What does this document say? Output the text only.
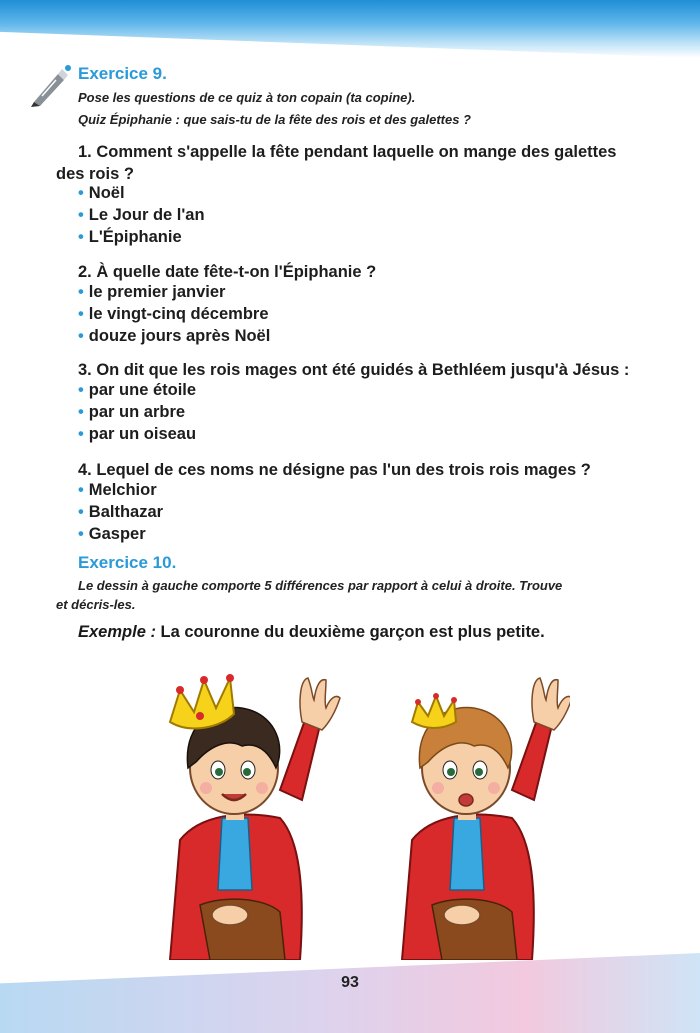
Exercice 9.
Pose les questions de ce quiz à ton copain (ta copine).
Quiz Épiphanie : que sais-tu de la fête des rois et des galettes ?
1. Comment s'appelle la fête pendant laquelle on mange des galettes
des rois ?
• Noël
• Le Jour de l'an
• L'Épiphanie
2. À quelle date fête-t-on l'Épiphanie ?
• le premier janvier
• le vingt-cinq décembre
• douze jours après Noël
3. On dit que les rois mages ont été guidés à Bethléem jusqu'à Jésus :
• par une étoile
• par un arbre
• par un oiseau
4. Lequel de ces noms ne désigne pas l'un des trois rois mages ?
• Melchior
• Balthazar
• Gasper
Exercice 10.
Le dessin à gauche comporte 5 différences par rapport à celui à droite. Trouve
et décris-les.
Exemple : La couronne du deuxième garçon est plus petite.
93
